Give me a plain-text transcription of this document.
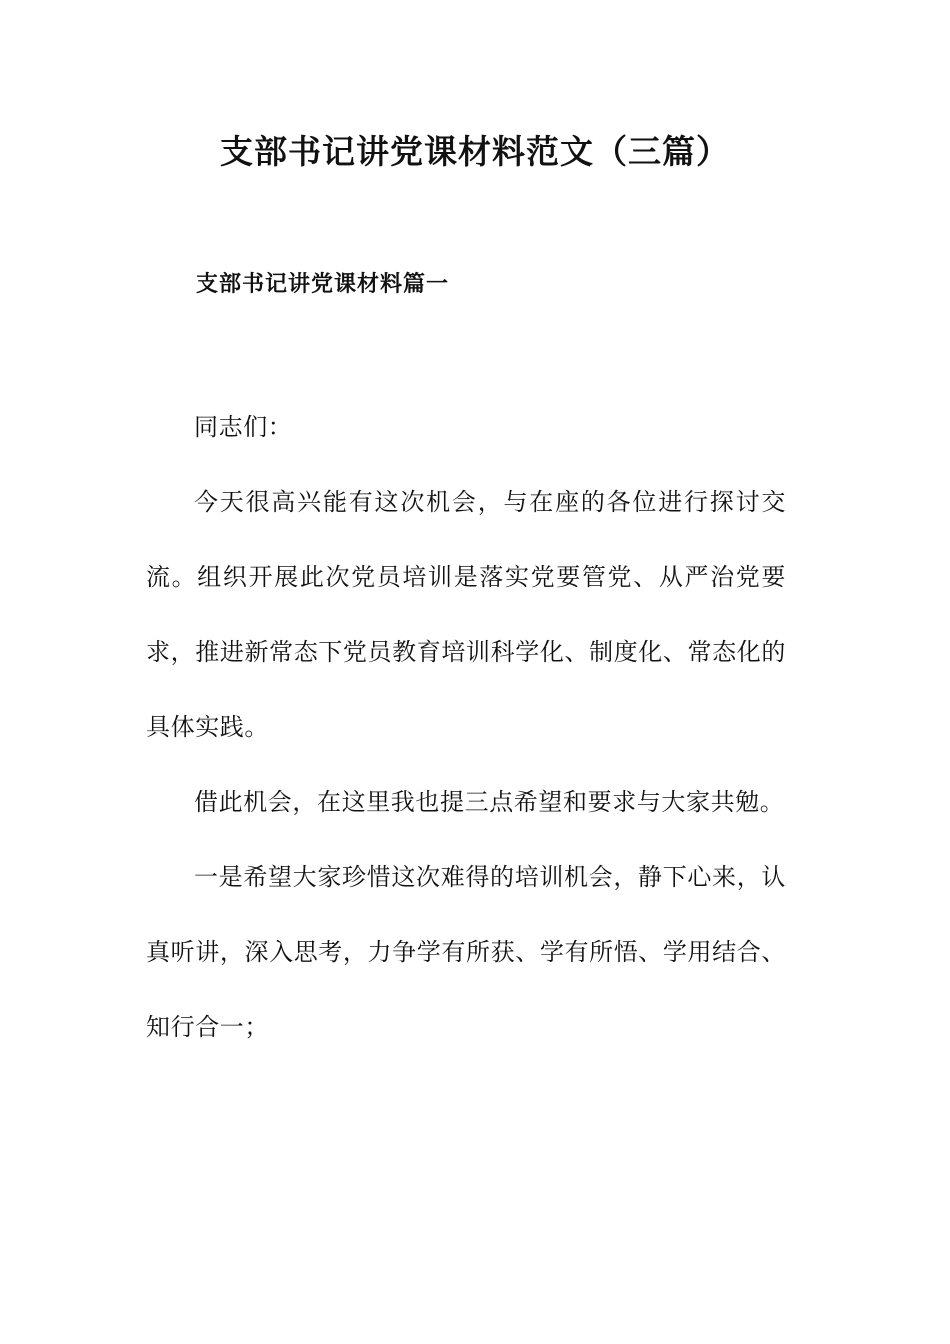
支部书记讲党课材料范文（三篇）
支部书记讲党课材料篇一

同志们：

今天很高兴能有这次机会，与在座的各位进行探讨交流。组织开展此次党员培训是落实党要管党、从严治党要求，推进新常态下党员教育培训科学化、制度化、常态化的具体实践。

借此机会，在这里我也提三点希望和要求与大家共勉。

一是希望大家珍惜这次难得的培训机会，静下心来，认真听讲，深入思考，力争学有所获、学有所悟、学用结合、知行合一；
